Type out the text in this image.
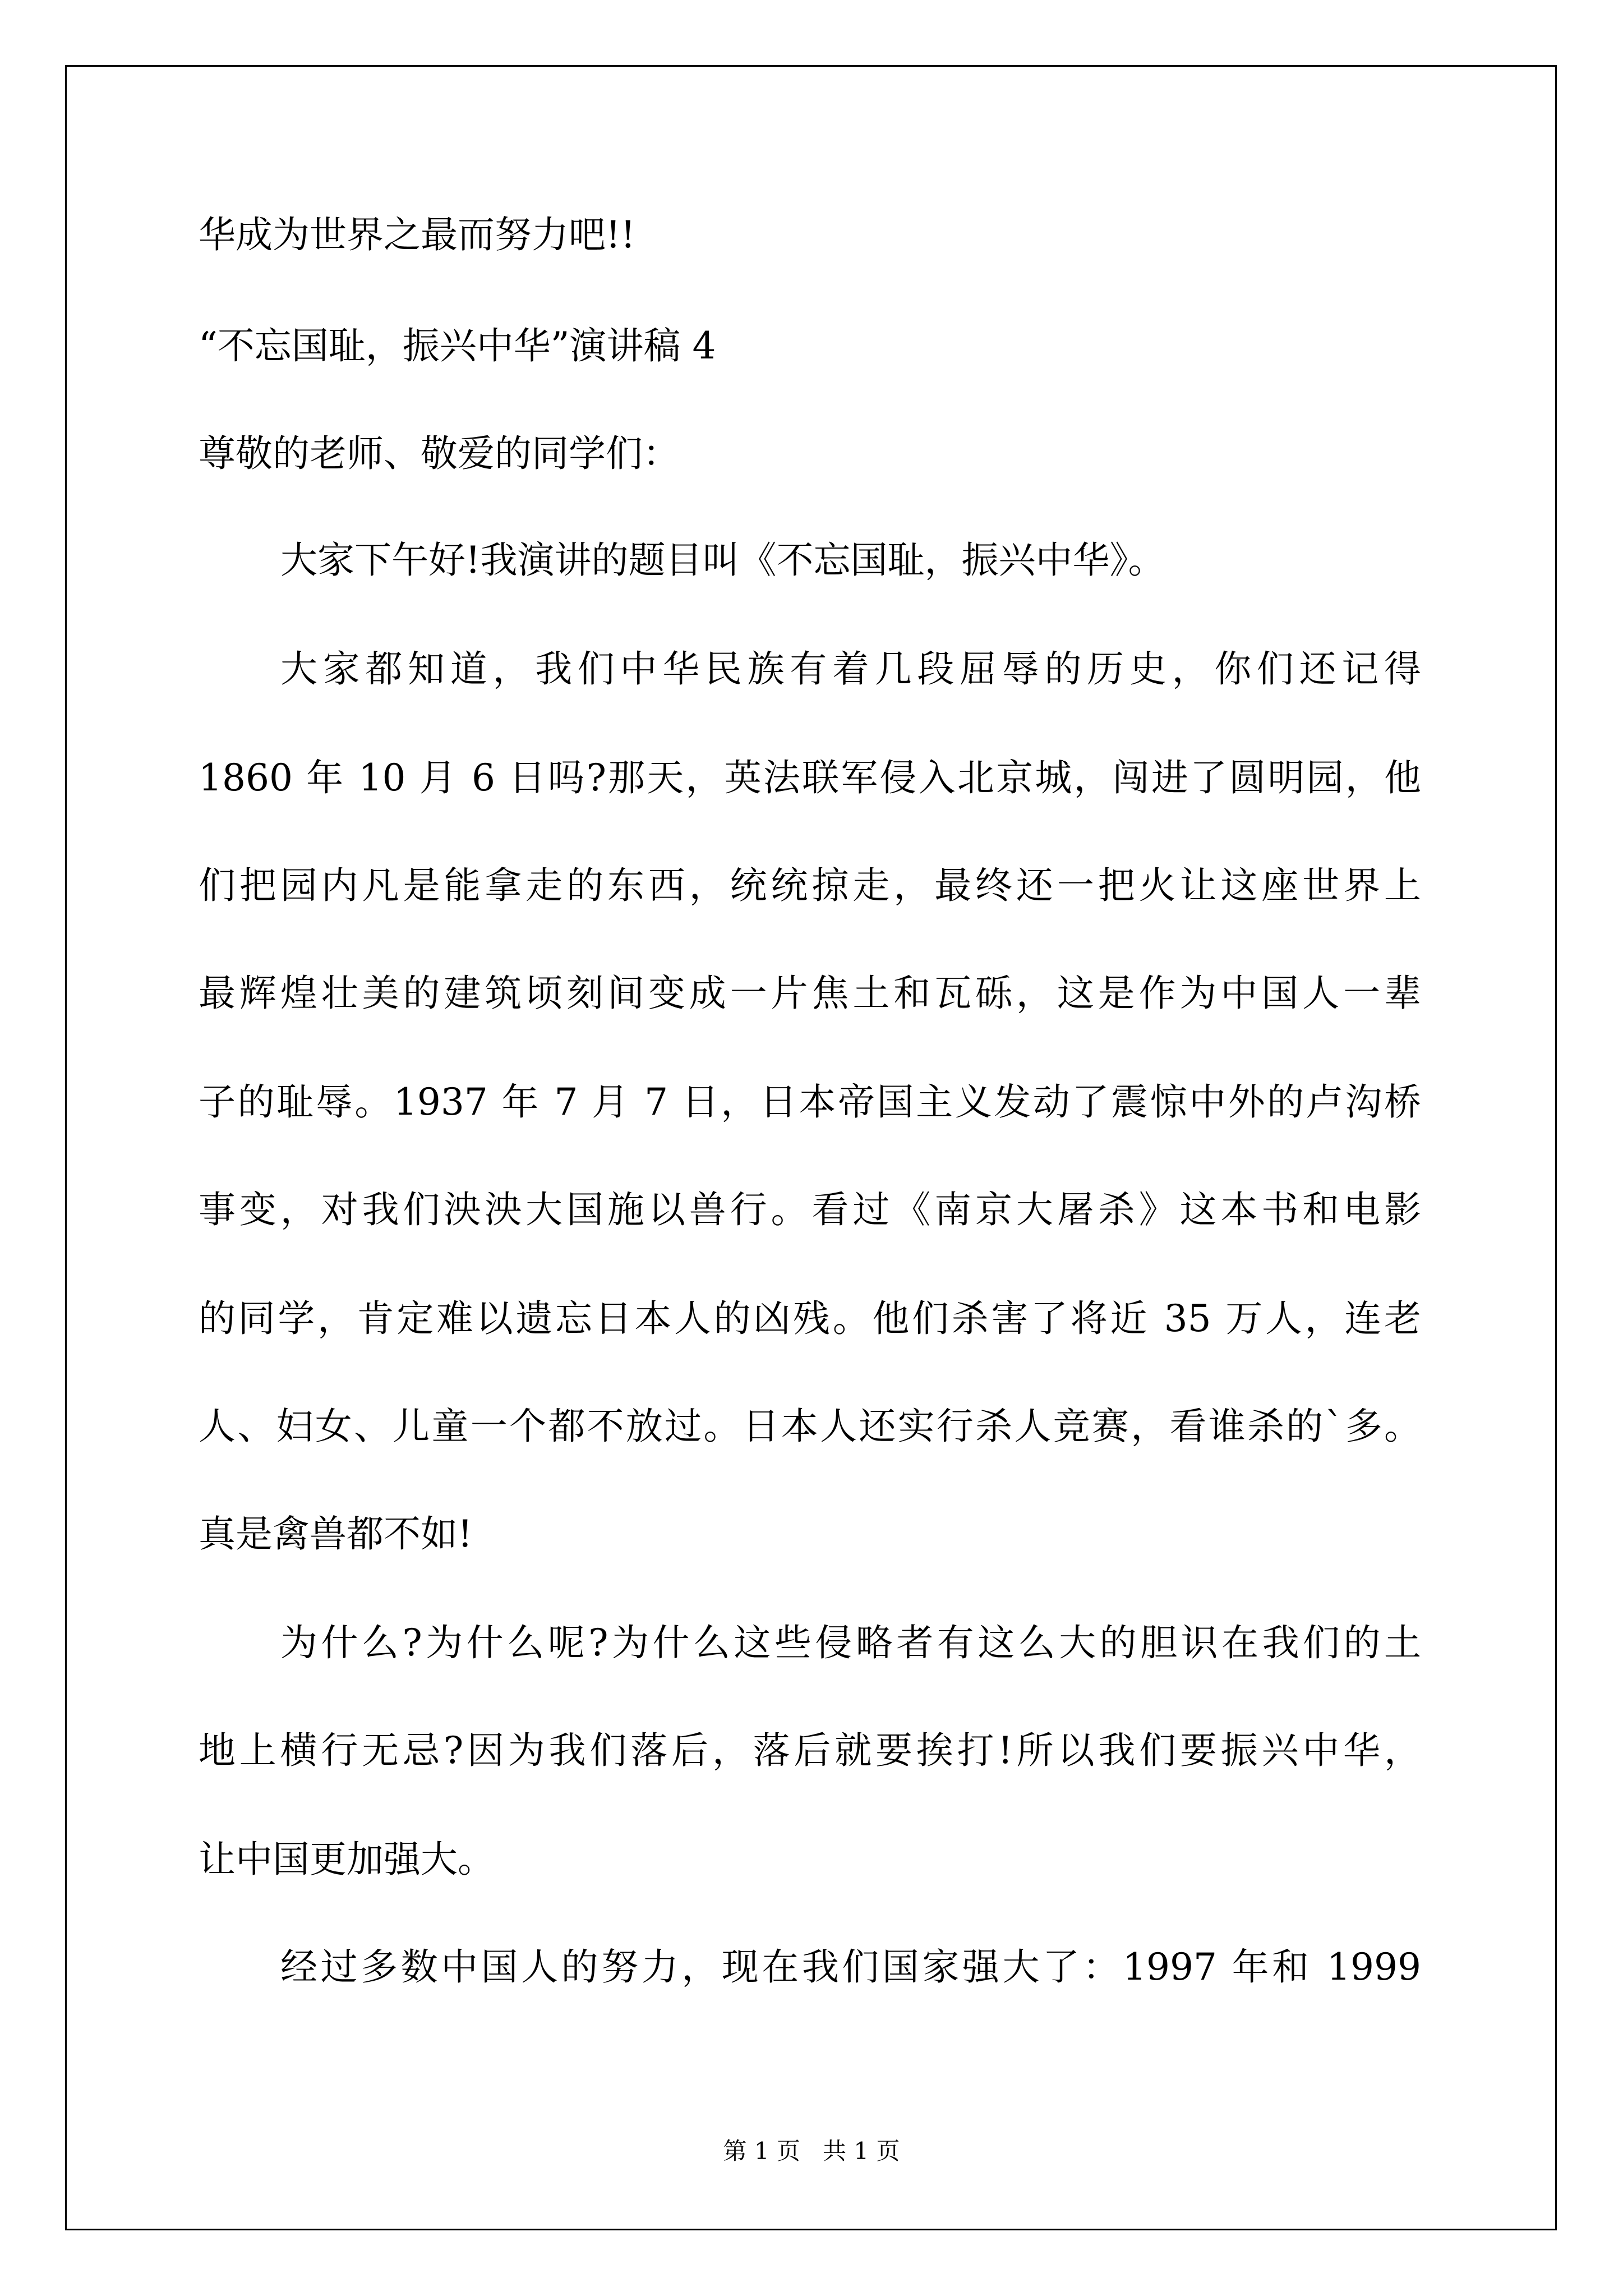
华成为世界之最而努力吧!!
“不忘国耻，振兴中华”演讲稿 4
尊敬的老师、敬爱的同学们：
大家下午好!我演讲的题目叫《不忘国耻，振兴中华》。
大家都知道，我们中华民族有着几段屈辱的历史，你们还记得
1860 年 10 月 6 日吗?那天，英法联军侵入北京城，闯进了圆明园，他
们把园内凡是能拿走的东西，统统掠走，最终还一把火让这座世界上
最辉煌壮美的建筑顷刻间变成一片焦土和瓦砾，这是作为中国人一辈
子的耻辱。1937 年 7 月 7 日，日本帝国主义发动了震惊中外的卢沟桥
事变，对我们泱泱大国施以兽行。看过《南京大屠杀》这本书和电影
的同学，肯定难以遗忘日本人的凶残。他们杀害了将近 35 万人，连老
人、妇女、儿童一个都不放过。日本人还实行杀人竞赛，看谁杀的`多。
真是禽兽都不如!
为什么?为什么呢?为什么这些侵略者有这么大的胆识在我们的土
地上横行无忌?因为我们落后，落后就要挨打!所以我们要振兴中华，
让中国更加强大。
经过多数中国人的努力，现在我们国家强大了：1997 年和 1999
第 1 页   共 1 页
